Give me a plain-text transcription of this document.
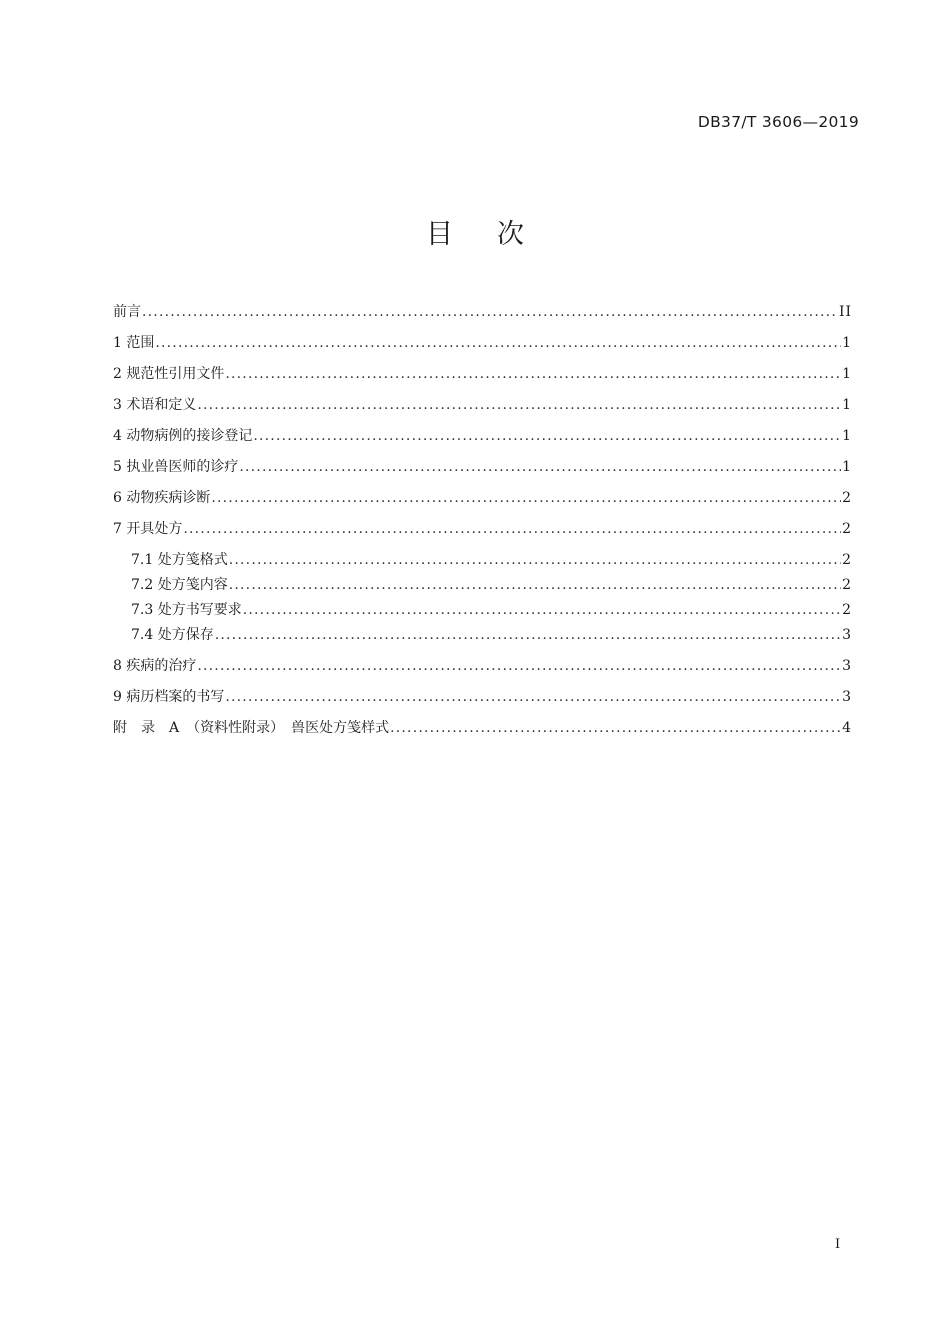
DB37/T 3606—2019
目 次
前言 .....	II
1 范围 .....	1
2 规范性引用文件 .....	1
3 术语和定义 .....	1
4 动物病例的接诊登记 .....	1
5 执业兽医师的诊疗 .....	1
6 动物疾病诊断 .....	2
7 开具处方 .....	2
7.1 处方笺格式 .....	2
7.2 处方笺内容 .....	2
7.3 处方书写要求 .....	2
7.4 处方保存 .....	3
8 疾病的治疗 .....	3
9 病历档案的书写 .....	3
附　录　A　（资料性附录）　兽医处方笺样式 .....	4
I
